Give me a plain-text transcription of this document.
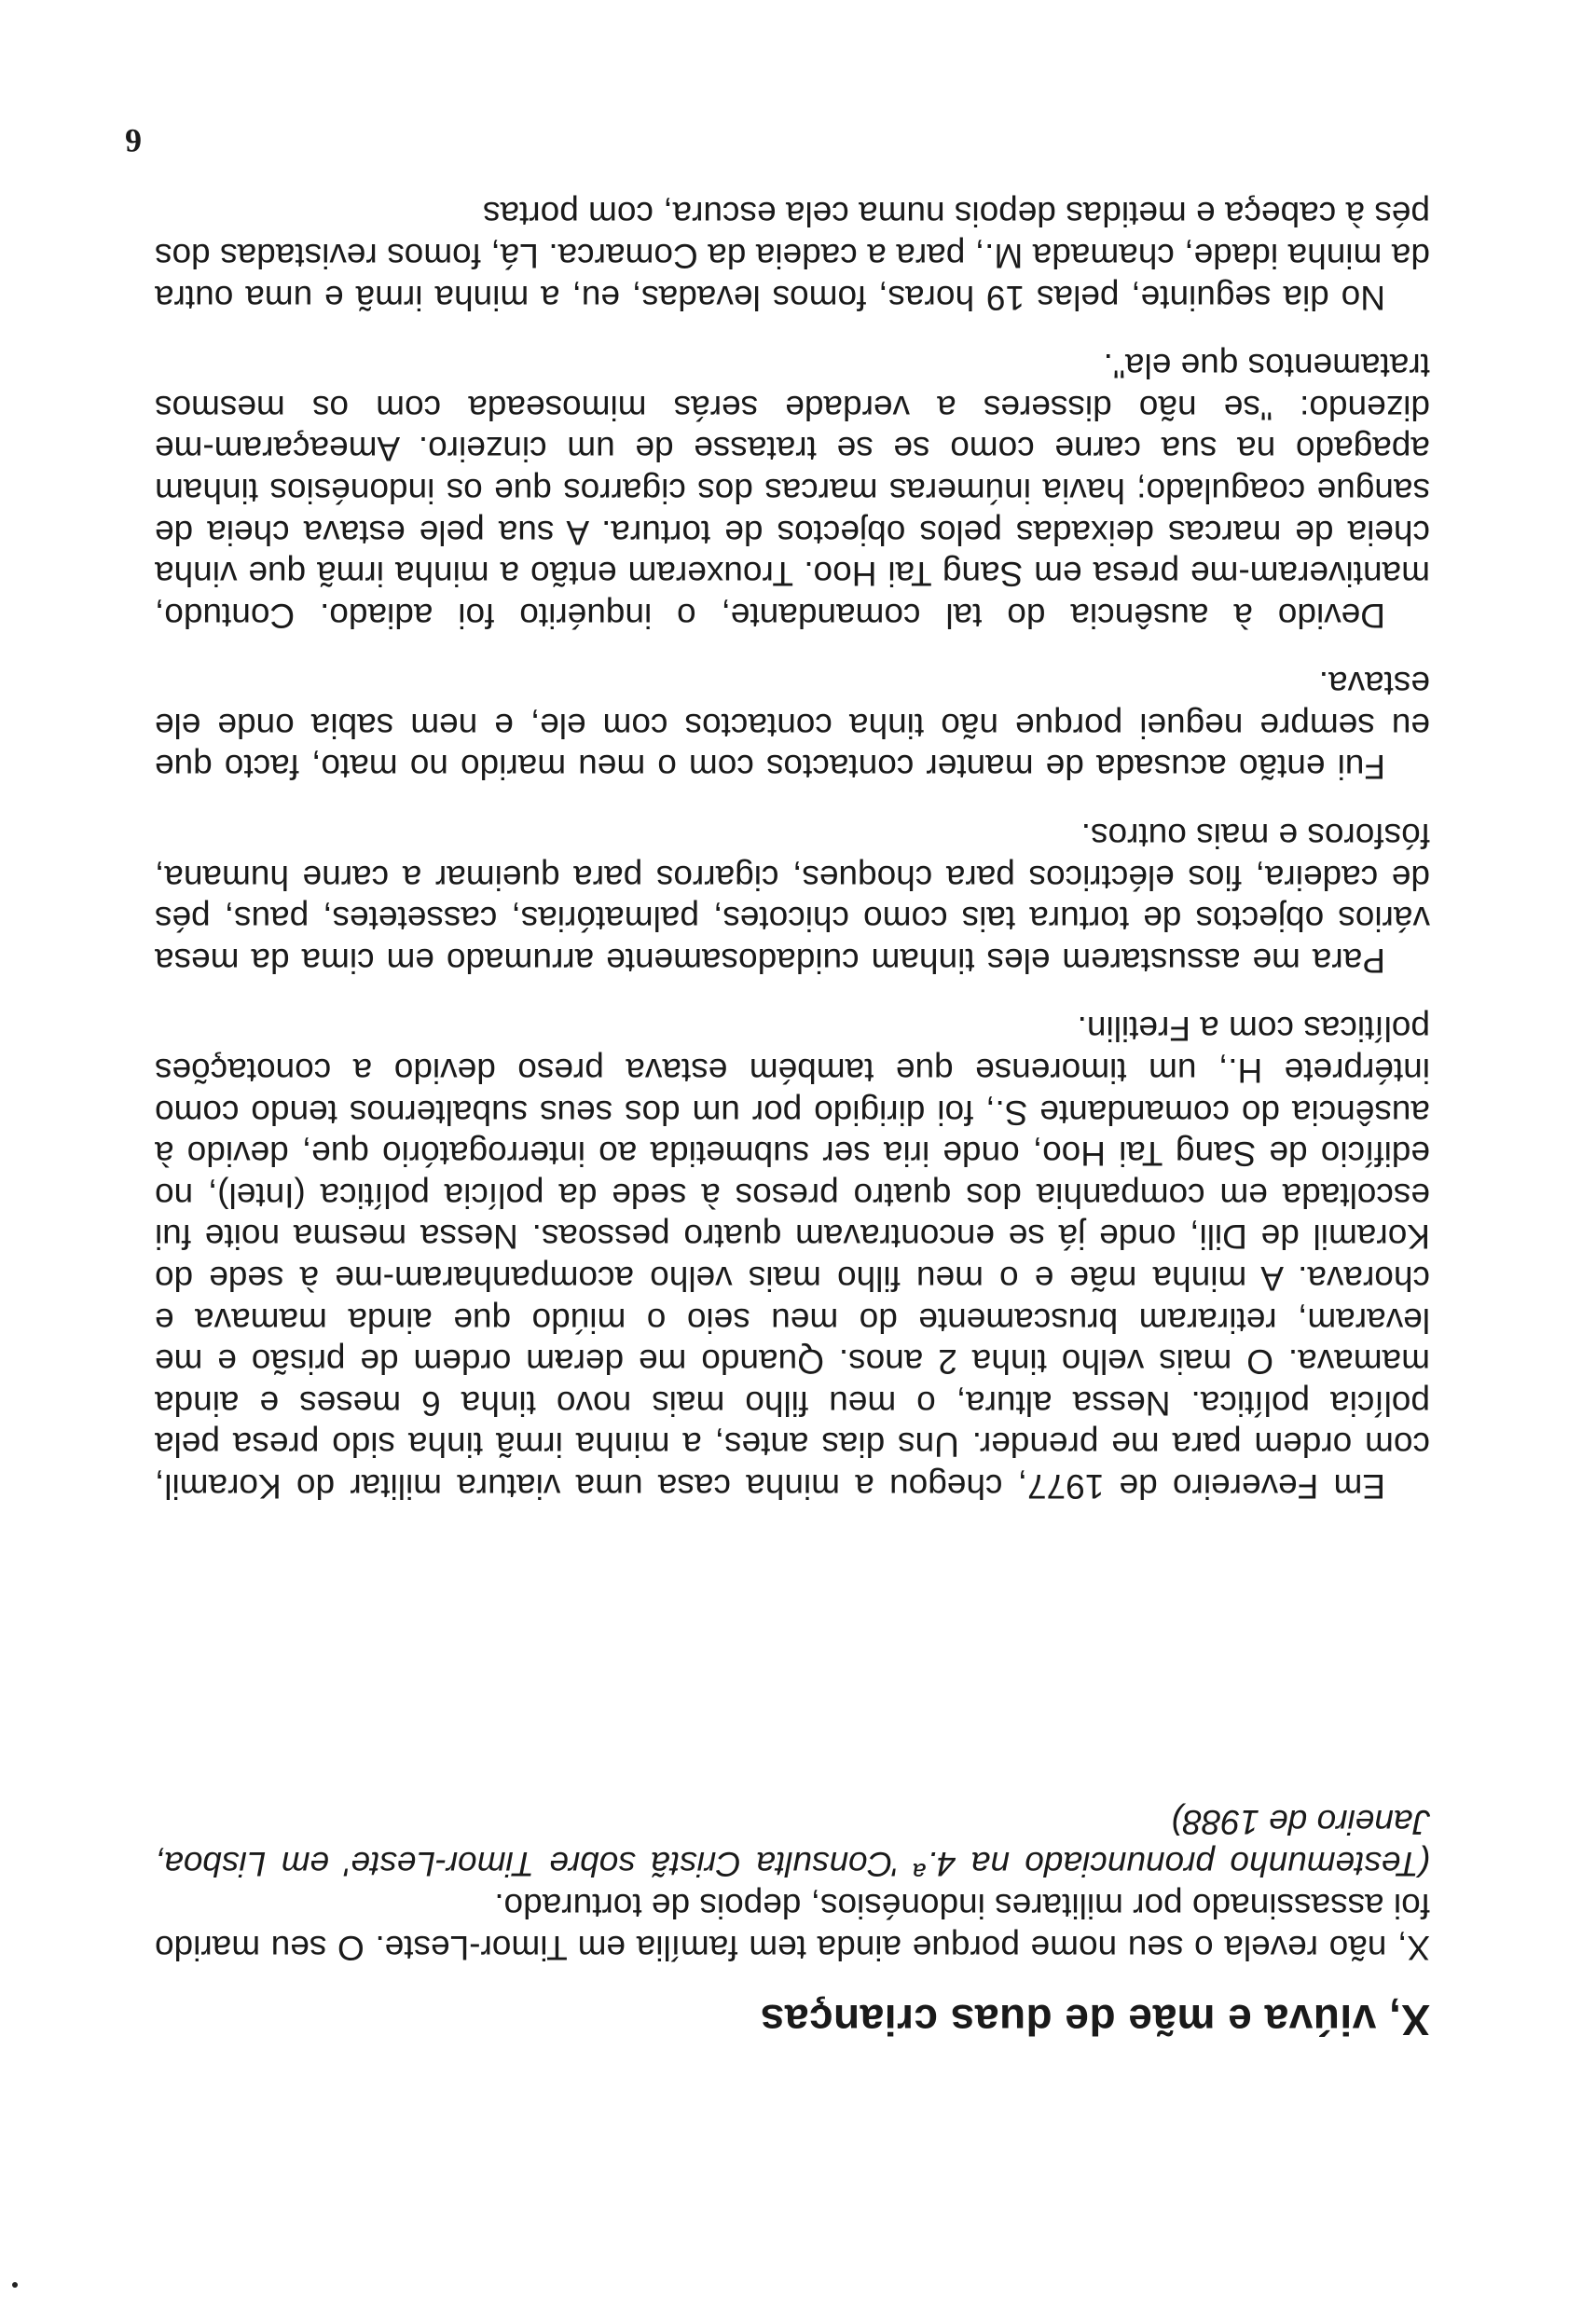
X, viúva e mãe de duas crianças

X, não revela o seu nome porque ainda tem família em Timor-Leste. O seu marido foi assassinado por militares indonésios, depois de torturado.
(Testemunho pronunciado na 4.ª 'Consulta Cristã sobre Timor-Leste' em Lisboa, Janeiro de 1988)

Em Fevereiro de 1977, chegou a minha casa uma viatura militar do Koramil, com ordem para me prender. Uns dias antes, a minha irmã tinha sido presa pela polícia política. Nessa altura, o meu filho mais novo tinha 6 meses e ainda mamava. O mais velho tinha 2 anos. Quando me deram ordem de prisão e me levaram, retiraram bruscamente do meu seio o miúdo que ainda mamava e chorava. A minha mãe e o meu filho mais velho acompanharam-me à sede do Koramil de Dili, onde já se encontravam quatro pessoas. Nessa mesma noite fui escoltada em companhia dos quatro presos à sede da polícia política (Intel), no edifício de Sang Tai Hoo, onde iria ser submetida ao interrogatório que, devido à ausência do comandante S., foi dirigido por um dos seus subalternos tendo como intérprete H., um timorense que também estava preso devido a conotações políticas com a Fretilin.

Para me assustarem eles tinham cuidadosamente arrumado em cima da mesa vários objectos de tortura tais como chicotes, palmatórias, cassetetes, paus, pés de cadeira, fios eléctricos para choques, cigarros para queimar a carne humana, fósforos e mais outros.

Fui então acusada de manter contactos com o meu marido no mato, facto que eu sempre neguei porque não tinha contactos com ele, e nem sabia onde ele estava.

Devido à ausência do tal comandante, o inquérito foi adiado. Contudo, mantiveram-me presa em Sang Tai Hoo. Trouxeram então a minha irmã que vinha cheia de marcas deixadas pelos objectos de tortura. A sua pele estava cheia de sangue coagulado; havia inúmeras marcas dos cigarros que os indonésios tinham apagado na sua carne como se se tratasse de um cinzeiro. Ameaçaram-me dizendo: "se não disseres a verdade serás mimoseada com os mesmos tratamentos que ela".

No dia seguinte, pelas 19 horas, fomos levadas, eu, a minha irmã e uma outra da minha idade, chamada M., para a cadeia da Comarca. Lá, fomos revistadas dos pés à cabeça e metidas depois numa cela escura, com portas

6
